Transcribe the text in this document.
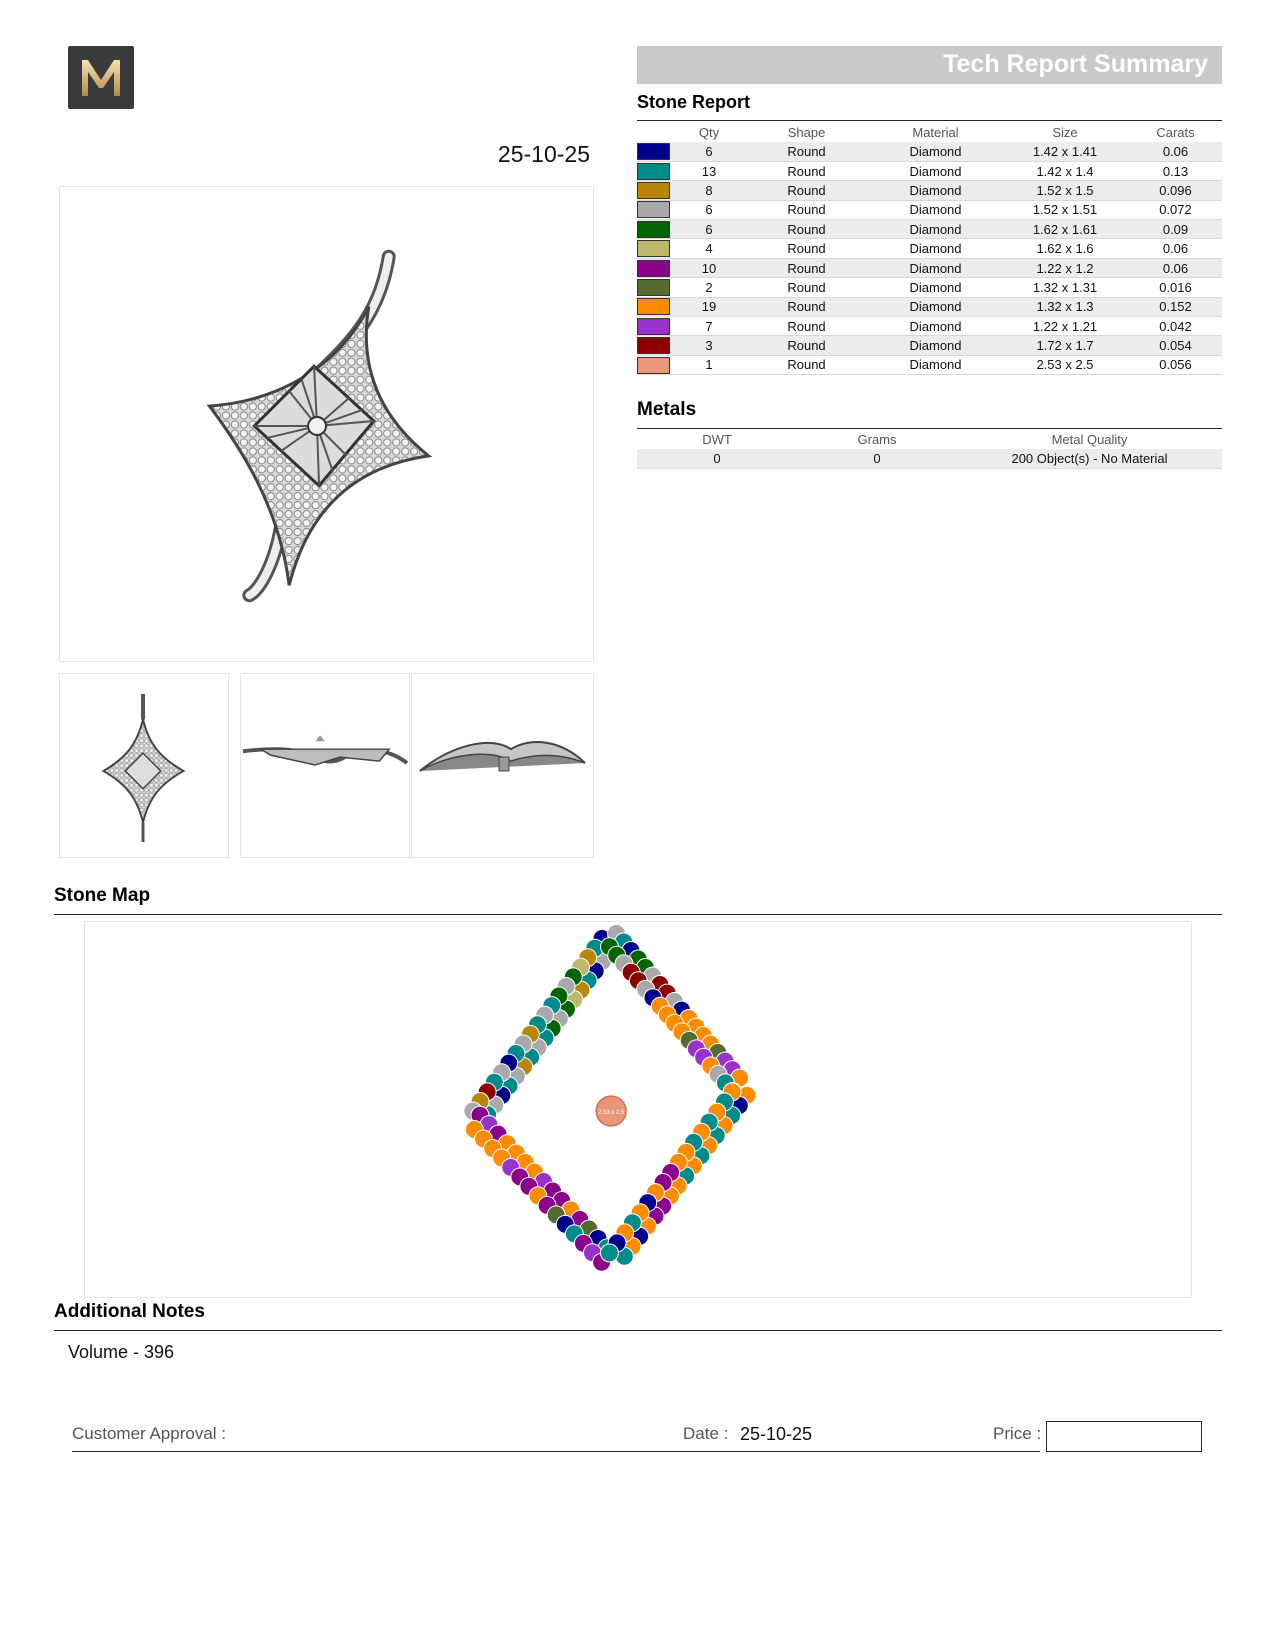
25-10-25
Tech Report Summary
Stone Report
	Qty	Shape	Material	Size	Carats
	6	Round	Diamond	1.42 x 1.41	0.06
	13	Round	Diamond	1.42 x 1.4	0.13
	8	Round	Diamond	1.52 x 1.5	0.096
	6	Round	Diamond	1.52 x 1.51	0.072
	6	Round	Diamond	1.62 x 1.61	0.09
	4	Round	Diamond	1.62 x 1.6	0.06
	10	Round	Diamond	1.22 x 1.2	0.06
	2	Round	Diamond	1.32 x 1.31	0.016
	19	Round	Diamond	1.32 x 1.3	0.152
	7	Round	Diamond	1.22 x 1.21	0.042
	3	Round	Diamond	1.72 x 1.7	0.054
	1	Round	Diamond	2.53 x 2.5	0.056
Metals
DWT	Grams	Metal Quality
0	0	200 Object(s) - No Material
Stone Map
2.53 x 2.5
Additional Notes
Volume - 396
Customer Approval :	Date : 25-10-25	Price :
